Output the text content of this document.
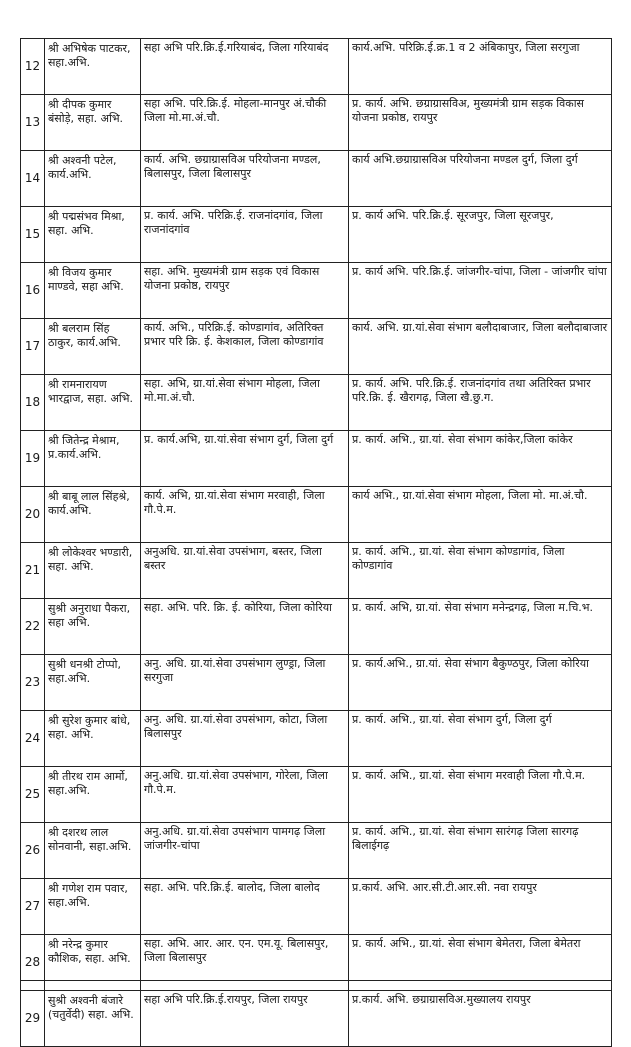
12	श्री अभिषेक पाटकर, सहा.अभि.	सहा अभि परि.क्रि.ई.गरियाबंद, जिला गरियाबंद	कार्य.अभि. परिक्रि.ई.क्र.1 व 2 अंबिकापुर, जिला सरगुजा
13	श्री दीपक कुमार बंसोड़े, सहा. अभि.	सहा अभि. परि.क्रि.ई. मोहला-मानपुर अं.चौकी जिला मो.मा.अं.चौ.	प्र. कार्य. अभि. छग्राग्रासविअ, मुख्यमंत्री ग्राम सड़क विकास योजना प्रकोष्ठ, रायपुर
14	श्री अश्वनी पटेल, कार्य.अभि.	कार्य. अभि. छग्राग्रासविअ परियोजना मण्डल, बिलासपुर, जिला बिलासपुर	कार्य अभि.छग्राग्रासविअ परियोजना मण्डल दुर्ग, जिला दुर्ग
15	श्री पद्मसंभव मिश्रा, सहा. अभि.	प्र. कार्य. अभि. परिक्रि.ई. राजनांदगांव, जिला राजनांदगांव	प्र. कार्य अभि. परि.क्रि.ई. सूरजपुर, जिला सूरजपुर,
16	श्री विजय कुमार माण्डवे, सहा अभि.	सहा. अभि. मुख्यमंत्री ग्राम सड़क एवं विकास योजना प्रकोष्ठ, रायपुर	प्र. कार्य अभि. परि.क्रि.ई. जांजगीर-चांपा, जिला - जांजगीर चांपा
17	श्री बलराम सिंह ठाकुर, कार्य.अभि.	कार्य. अभि., परिक्रि.ई. कोण्डागांव, अतिरिक्त प्रभार परि क्रि. ई. केशकाल, जिला कोण्डागांव	कार्य. अभि. ग्रा.यां.सेवा संभाग बलौदाबाजार, जिला बलौदाबाजार
18	श्री रामनारायण भारद्वाज, सहा. अभि.	सहा. अभि, ग्रा.यां.सेवा संभाग मोहला, जिला मो.मा.अं.चौ.	प्र. कार्य. अभि. परि.क्रि.ई. राजनांदगांव तथा अतिरिक्त प्रभार परि.क्रि. ई. खैरागढ़, जिला खै.छु.ग.
19	श्री जितेन्द्र मेश्राम, प्र.कार्य.अभि.	प्र. कार्य.अभि, ग्रा.यां.सेवा संभाग दुर्ग, जिला दुर्ग	प्र. कार्य. अभि., ग्रा.यां. सेवा संभाग कांकेर,जिला कांकेर
20	श्री बाबू लाल सिंहश्रे, कार्य.अभि.	कार्य. अभि, ग्रा.यां.सेवा संभाग मरवाही, जिला गौ.पे.म.	कार्य अभि., ग्रा.यां.सेवा संभाग मोहला, जिला मो. मा.अं.चौ.
21	श्री लोकेश्वर भण्डारी, सहा. अभि.	अनुअधि. ग्रा.यां.सेवा उपसंभाग, बस्तर, जिला बस्तर	प्र. कार्य. अभि., ग्रा.यां. सेवा संभाग कोण्डागांव, जिला कोण्डागांव
22	सुश्री अनुराधा पैकरा, सहा अभि.	सहा. अभि. परि. क्रि. ई. कोरिया, जिला कोरिया	प्र. कार्य. अभि, ग्रा.यां. सेवा संभाग मनेन्द्रगढ़, जिला म.चि.भ.
23	सुश्री धनश्री टोप्पो, सहा.अभि.	अनु. अधि. ग्रा.यां.सेवा उपसंभाग लुण्ड्रा, जिला सरगुजा	प्र. कार्य.अभि., ग्रा.यां. सेवा संभाग बैकुण्ठपुर, जिला कोरिया
24	श्री सुरेश कुमार बांधे, सहा. अभि.	अनु. अधि. ग्रा.यां.सेवा उपसंभाग, कोटा, जिला बिलासपुर	प्र. कार्य. अभि., ग्रा.यां. सेवा संभाग दुर्ग, जिला दुर्ग
25	श्री तीरथ राम आर्मो, सहा.अभि.	अनु.अधि. ग्रा.यां.सेवा उपसंभाग, गोरेला, जिला गौ.पे.म.	प्र. कार्य. अभि., ग्रा.यां. सेवा संभाग मरवाही जिला गौ.पे.म.
26	श्री दशरथ लाल सोनवानी, सहा.अभि.	अनु.अधि. ग्रा.यां.सेवा उपसंभाग पामगढ़ जिला जांजगीर-चांपा	प्र. कार्य. अभि., ग्रा.यां. सेवा संभाग सारंगढ़ जिला सारगढ़ बिलाईगढ़
27	श्री गणेश राम पवार, सहा.अभि.	सहा. अभि. परि.क्रि.ई. बालोद, जिला बालोद	प्र.कार्य. अभि. आर.सी.टी.आर.सी. नवा रायपुर
28	श्री नरेन्द्र कुमार कौशिक, सहा. अभि.	सहा. अभि. आर. आर. एन. एम.यू. बिलासपुर, जिला बिलासपुर	प्र. कार्य. अभि., ग्रा.यां. सेवा संभाग बेमेतरा, जिला बेमेतरा
29	सुश्री अश्वनी बंजारे (चतुर्वेदी) सहा. अभि.	सहा अभि परि.क्रि.ई.रायपुर, जिला रायपुर	प्र.कार्य. अभि. छग्राग्रासविअ.मुख्यालय रायपुर
